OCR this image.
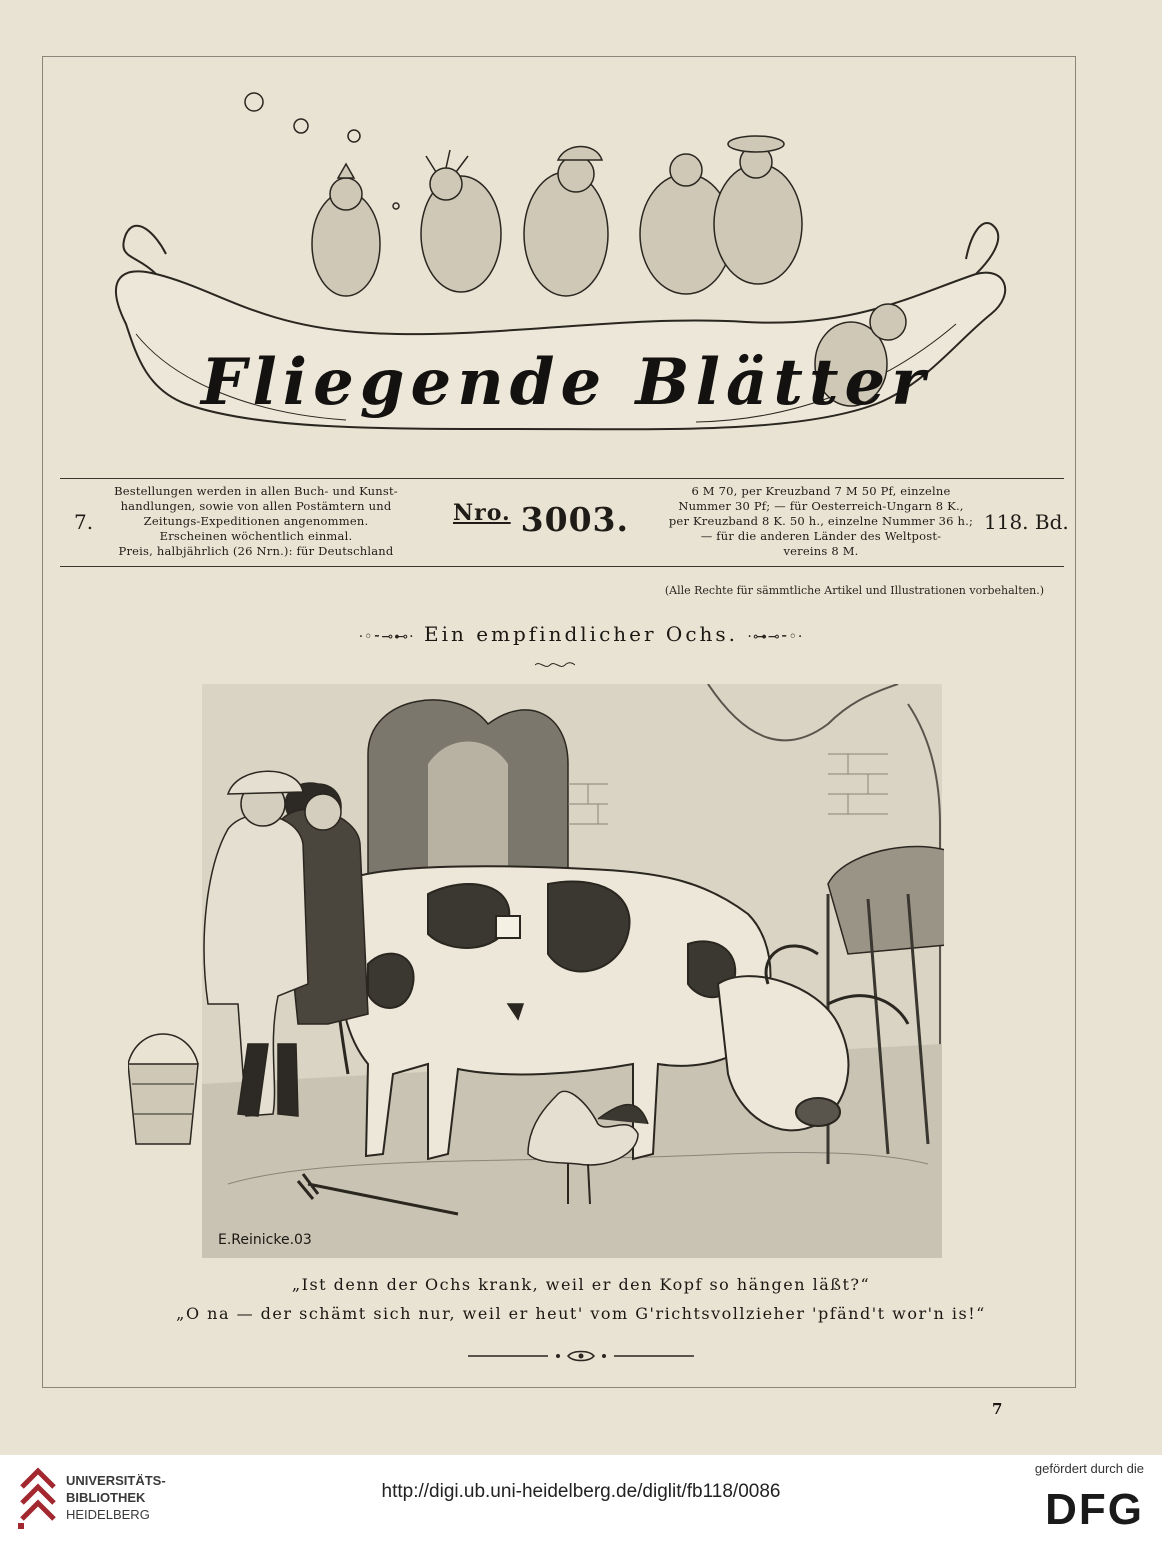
Fliegende Blätter
7.
Bestellungen werden in allen Buch- und Kunst-
handlungen, sowie von allen Postämtern und
Zeitungs-Expeditionen angenommen.
Erscheinen wöchentlich einmal.
Preis, halbjährlich (26 Nrn.): für Deutschland
$^{Nro.}$ 3003.
6 M 70, per Kreuzband 7 M 50 Pf, einzelne
Nummer 30 Pf; — für Oesterreich-Ungarn 8 K.,
per Kreuzband 8 K. 50 h., einzelne Nummer 36 h.;
— für die anderen Länder des Weltpost-
vereins 8 M.
118. Bd.
(Alle Rechte für sämmtliche Artikel und Illustrationen vorbehalten.)
·◦⁃⊸⊷· Ein empfindlicher Ochs. ·⊶⊸⁃◦·
E.Reinicke.03
„Ist denn der Ochs krank, weil er den Kopf so hängen läßt?“
„O na — der schämt sich nur, weil er heut' vom G'richtsvollzieher 'pfänd't wor'n is!“
7
UNIVERSITÄTS-
BIBLIOTHEK
HEIDELBERG
http://digi.ub.uni-heidelberg.de/diglit/fb118/0086
gefördert durch die
DFG
